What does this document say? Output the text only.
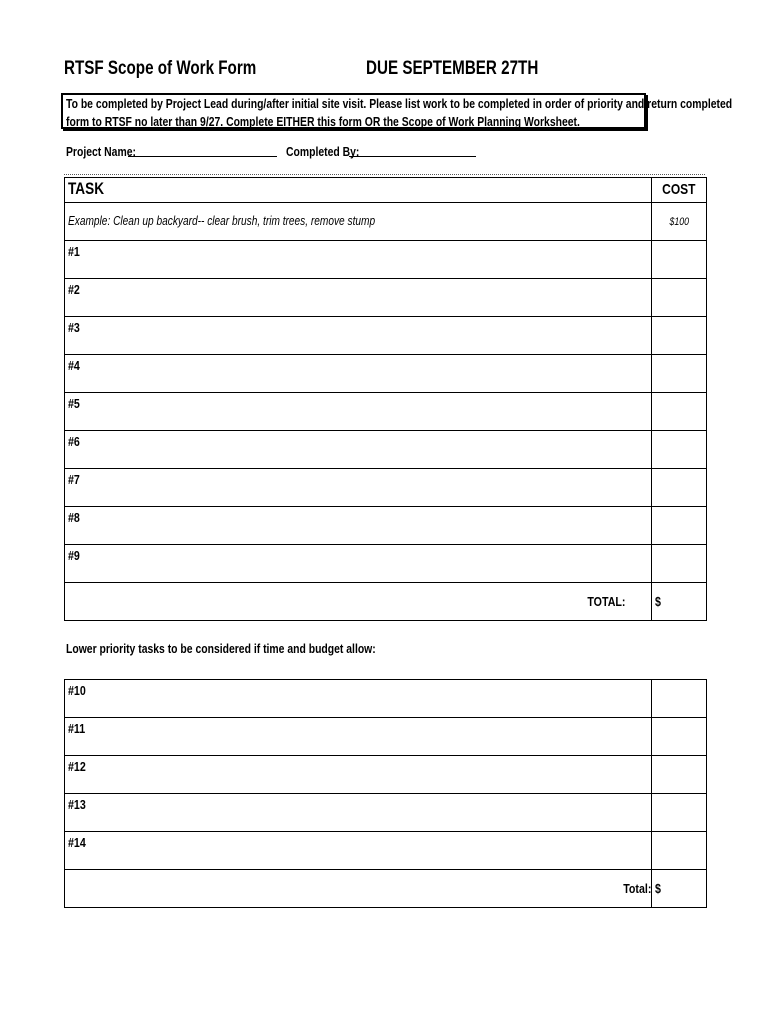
RTSF Scope of Work Form	DUE SEPTEMBER 27TH
To be completed by Project Lead during/after initial site visit. Please list work to be completed in order of priority and return completed
form to RTSF no later than 9/27. Complete EITHER this form OR the Scope of Work Planning Worksheet.
Project Name:	Completed By:
TASK	COST
Example: Clean up backyard-- clear brush, trim trees, remove stump	$100
#1	
#2	
#3	
#4	
#5	
#6	
#7	
#8	
#9	
TOTAL:	$
Lower priority tasks to be considered if time and budget allow:
#10	
#11	
#12	
#13	
#14	
Total:	$
